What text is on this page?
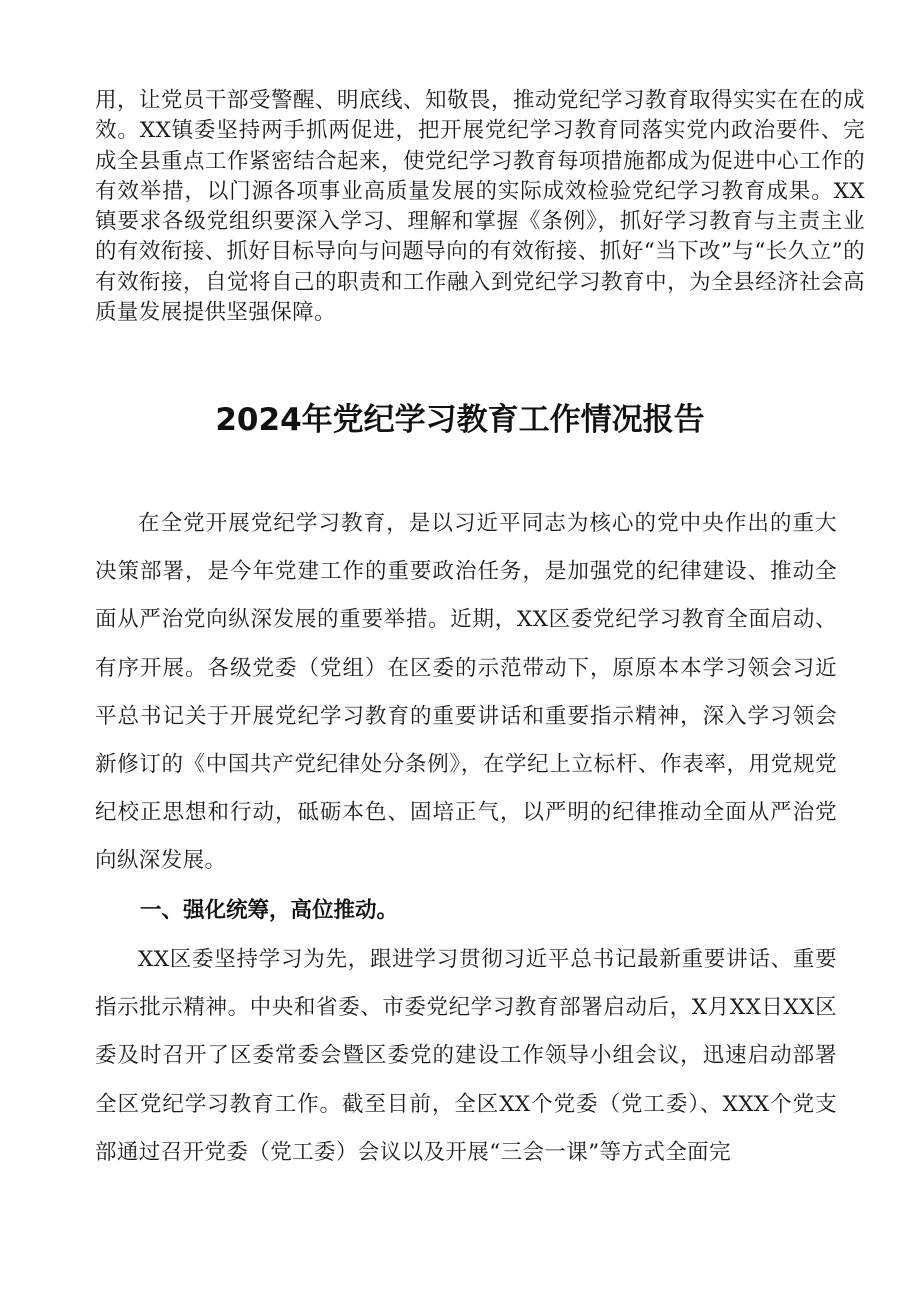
用，让党员干部受警醒、明底线、知敬畏，推动党纪学习教育取得实实在在的成效。XX镇委坚持两手抓两促进，把开展党纪学习教育同落实党内政治要件、完成全县重点工作紧密结合起来，使党纪学习教育每项措施都成为促进中心工作的有效举措，以门源各项事业高质量发展的实际成效检验党纪学习教育成果。XX镇要求各级党组织要深入学习、理解和掌握《条例》，抓好学习教育与主责主业的有效衔接、抓好目标导向与问题导向的有效衔接、抓好“当下改”与“长久立”的有效衔接，自觉将自己的职责和工作融入到党纪学习教育中，为全县经济社会高质量发展提供坚强保障。

2024年党纪学习教育工作情况报告

在全党开展党纪学习教育，是以习近平同志为核心的党中央作出的重大决策部署，是今年党建工作的重要政治任务，是加强党的纪律建设、推动全面从严治党向纵深发展的重要举措。近期，XX区委党纪学习教育全面启动、有序开展。各级党委（党组）在区委的示范带动下，原原本本学习领会习近平总书记关于开展党纪学习教育的重要讲话和重要指示精神，深入学习领会新修订的《中国共产党纪律处分条例》，在学纪上立标杆、作表率，用党规党纪校正思想和行动，砥砺本色、固培正气，以严明的纪律推动全面从严治党向纵深发展。

一、强化统筹，高位推动。

XX区委坚持学习为先，跟进学习贯彻习近平总书记最新重要讲话、重要指示批示精神。中央和省委、市委党纪学习教育部署启动后，X月XX日XX区委及时召开了区委常委会暨区委党的建设工作领导小组会议，迅速启动部署全区党纪学习教育工作。截至目前，全区XX个党委（党工委）、XXX个党支部通过召开党委（党工委）会议以及开展“三会一课”等方式全面完
